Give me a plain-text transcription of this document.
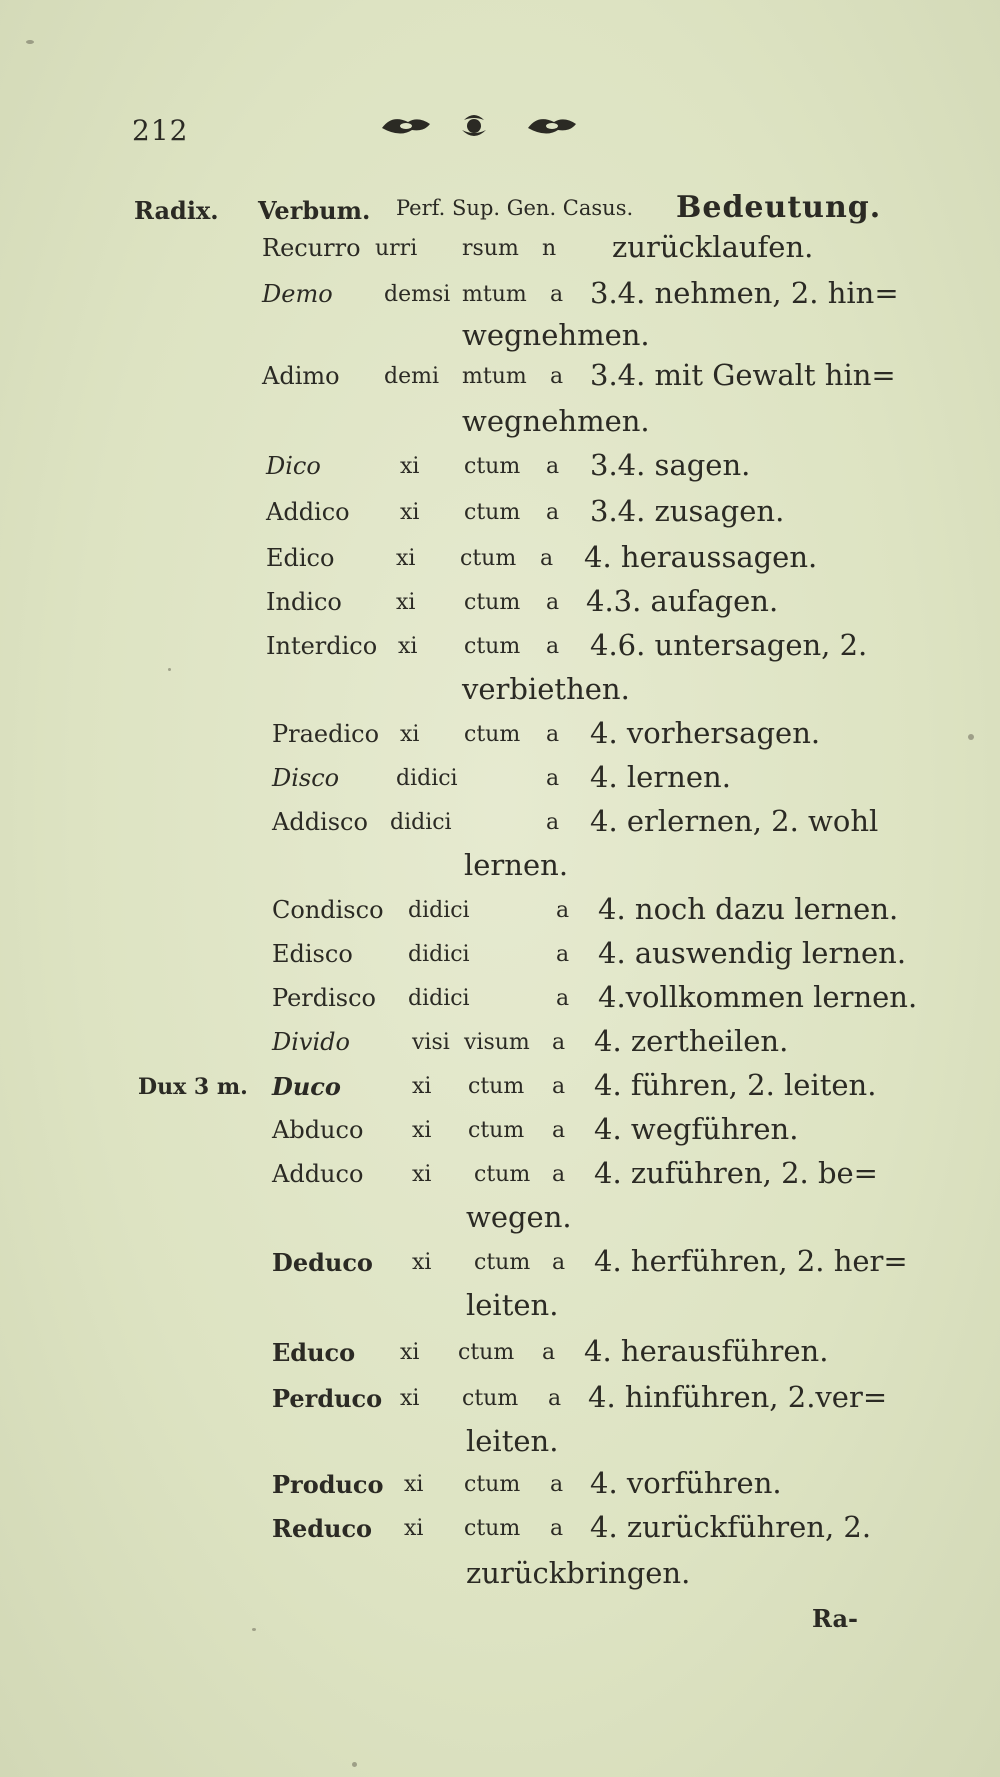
212
Radix. Verbum. Perf. Sup. Gen. Casus. Bedeutung.
Recurro urri rsum n zurücklaufen.
Demo demsi mtum a 3.4. nehmen, 2. hin=
wegnehmen.
Adimo demi mtum a 3.4. mit Gewalt hin=
wegnehmen.
Dico	xi ctum a 3.4. sagen.
Addico xi ctum a 3.4. zusagen.
Edico	xi ctum a 4. heraussagen.
Indico xi ctum a 4.3. aufagen.
Interdico xi ctum a 4.6. untersagen, 2.
verbiethen.
Praedico xi ctum a 4. vorhersagen.
Disco	didici	a 4. lernen.
Addisco didici	a 4. erlernen, 2. wohl
lernen.
Condisco didici	a 4. noch dazu lernen.
Edisco	didici	a 4. auswendig lernen.
Perdisco didici	a 4.vollkommen lernen.
Divido	visi visum a 4. zertheilen.
Dux 3 m. Duco	xi ctum a 4. führen, 2. leiten.
Abduco xi ctum a 4. wegführen.
Adduco xi ctum a 4. zuführen, 2. be=
wegen.
Deduco xi ctum a 4. herführen, 2. her=
leiten.
Educo xi ctum a 4. herausführen.
Perduco xi ctum a 4. hinführen, 2.ver=
leiten.
Produco xi ctum a 4. vorführen.
Reduco xi ctum a 4. zurückführen, 2.
zurückbringen.
Ra-
